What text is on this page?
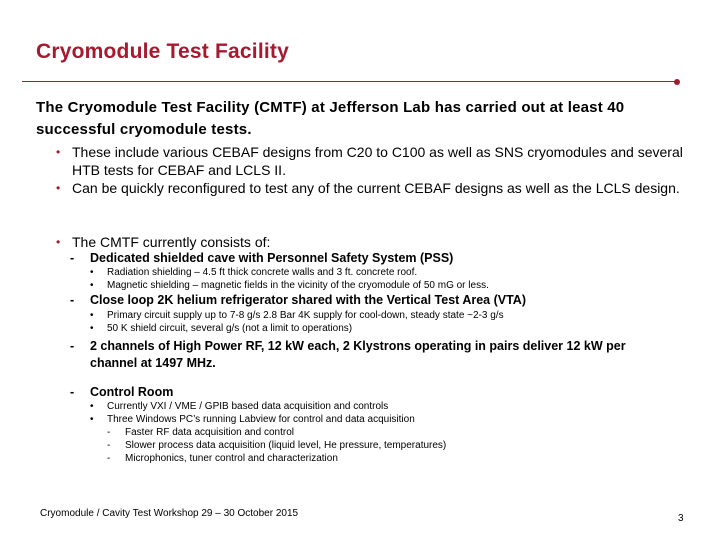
Cryomodule Test Facility

The Cryomodule Test Facility (CMTF) at Jefferson Lab has carried out at least 40 successful cryomodule tests.

• These include various CEBAF designs from C20 to C100 as well as SNS cryomodules and several HTB tests for CEBAF and LCLS II.
• Can be quickly reconfigured to test any of the current CEBAF designs as well as the LCLS design.
• The CMTF currently consists of:
- Dedicated shielded cave with Personnel Safety System (PSS)
• Radiation shielding – 4.5 ft thick concrete walls and 3 ft. concrete roof.
• Magnetic shielding – magnetic fields in the vicinity of the cryomodule of 50 mG or less.
- Close loop 2K helium refrigerator shared with the Vertical Test Area (VTA)
• Primary circuit supply up to 7-8 g/s 2.8 Bar 4K supply for cool-down, steady state ~2-3 g/s
• 50 K shield circuit, several g/s (not a limit to operations)
- 2 channels of High Power RF, 12 kW each, 2 Klystrons operating in pairs deliver 12 kW per channel at 1497 MHz.
- Control Room
• Currently VXI / VME / GPIB based data acquisition and controls
• Three Windows PC’s running Labview for control and data acquisition
- Faster RF data acquisition and control
- Slower process data acquisition (liquid level, He pressure, temperatures)
- Microphonics, tuner control and characterization
Cryomodule / Cavity Test Workshop 29 – 30 October 2015	3
